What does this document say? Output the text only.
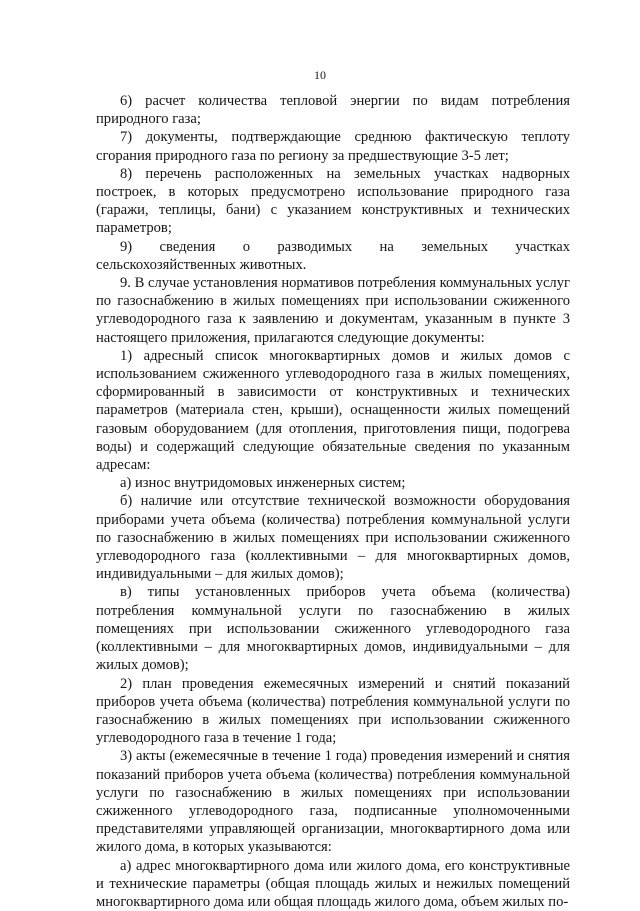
10

6) расчет количества тепловой энергии по видам потребления природного газа;

7) документы, подтверждающие среднюю фактическую теплоту сгорания природного газа по региону за предшествующие 3-5 лет;

8) перечень расположенных на земельных участках надворных построек, в которых предусмотрено использование природного газа (гаражи, теплицы, бани) с указанием конструктивных и технических параметров;

9) сведения о разводимых на земельных участках сельскохозяйственных животных.

9. В случае установления нормативов потребления коммунальных услуг по газоснабжению в жилых помещениях при использовании сжиженного углеводородного газа к заявлению и документам, указанным в пункте 3 настоящего приложения, прилагаются следующие документы:

1) адресный список многоквартирных домов и жилых домов с использованием сжиженного углеводородного газа в жилых помещениях, сформированный в зависимости от конструктивных и технических параметров (материала стен, крыши), оснащенности жилых помещений газовым оборудованием (для отопления, приготовления пищи, подогрева воды) и содержащий следующие обязательные сведения по указанным адресам:

а) износ внутридомовых инженерных систем;

б) наличие или отсутствие технической возможности оборудования приборами учета объема (количества) потребления коммунальной услуги по газоснабжению в жилых помещениях при использовании сжиженного углеводородного газа (коллективными – для многоквартирных домов, индивидуальными – для жилых домов);

в) типы установленных приборов учета объема (количества) потребления коммунальной услуги по газоснабжению в жилых помещениях при использовании сжиженного углеводородного газа (коллективными – для многоквартирных домов, индивидуальными – для жилых домов);

2) план проведения ежемесячных измерений и снятий показаний приборов учета объема (количества) потребления коммунальной услуги по газоснабжению в жилых помещениях при использовании сжиженного углеводородного газа в течение 1 года;

3) акты (ежемесячные в течение 1 года) проведения измерений и снятия показаний приборов учета объема (количества) потребления коммунальной услуги по газоснабжению в жилых помещениях при использовании сжиженного углеводородного газа, подписанные уполномоченными представителями управляющей организации, многоквартирного дома или жилого дома, в которых указываются:

а) адрес многоквартирного дома или жилого дома, его конструктивные и технические параметры (общая площадь жилых и нежилых помещений многоквартирного дома или общая площадь жилого дома, объем жилых по-
